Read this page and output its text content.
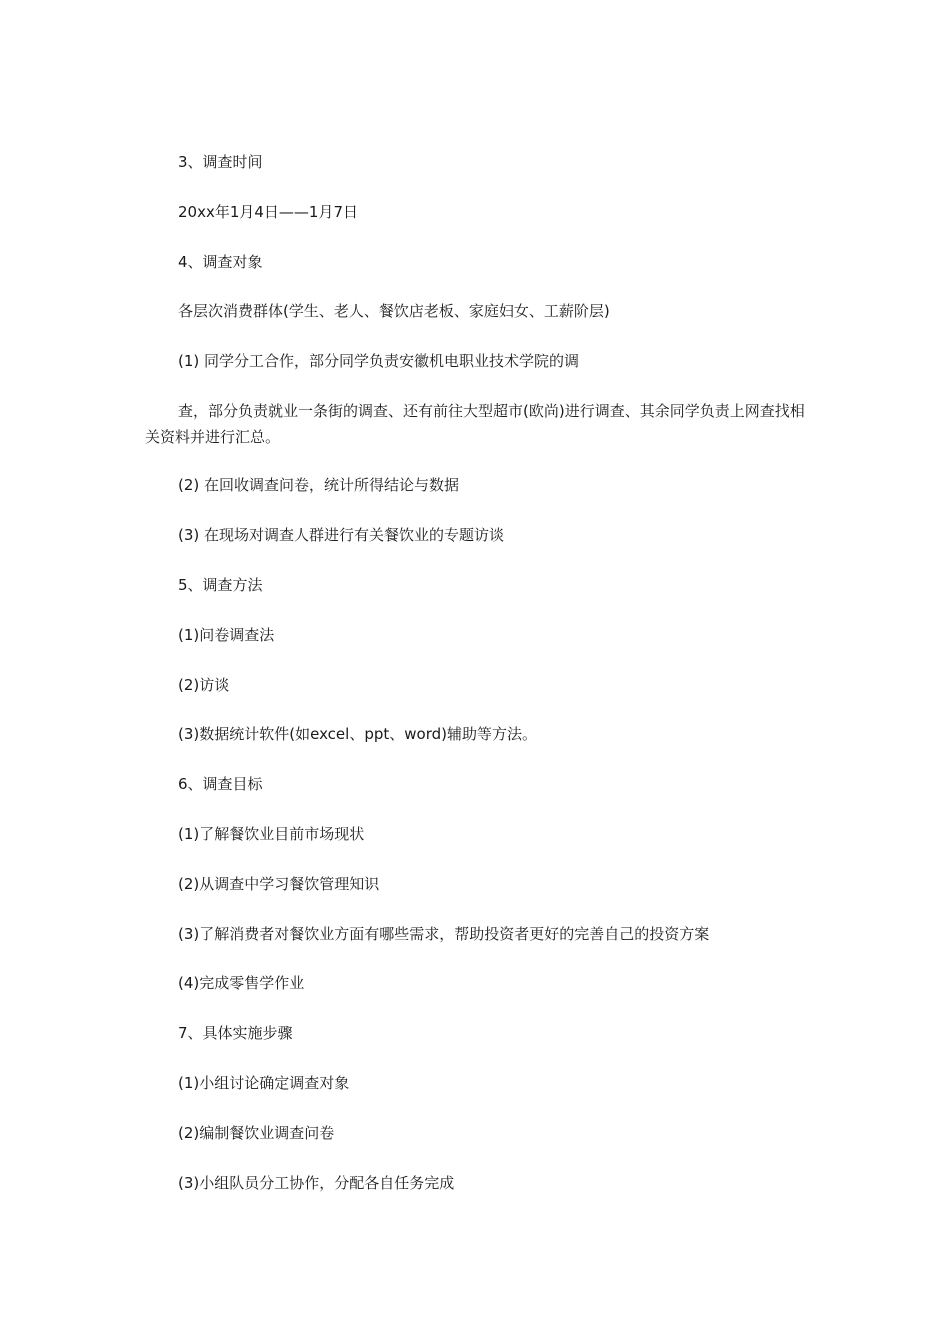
3、调查时间

20xx年1月4日——1月7日

4、调查对象

各层次消费群体(学生、老人、餐饮店老板、家庭妇女、工薪阶层)

(1) 同学分工合作，部分同学负责安徽机电职业技术学院的调

查，部分负责就业一条街的调查、还有前往大型超市(欧尚)进行调查、其余同学负责上网查找相关资料并进行汇总。

(2) 在回收调查问卷，统计所得结论与数据

(3) 在现场对调查人群进行有关餐饮业的专题访谈

5、调查方法

(1)问卷调查法

(2)访谈

(3)数据统计软件(如excel、ppt、word)辅助等方法。

6、调查目标

(1)了解餐饮业目前市场现状

(2)从调查中学习餐饮管理知识

(3)了解消费者对餐饮业方面有哪些需求，帮助投资者更好的完善自己的投资方案

(4)完成零售学作业

7、具体实施步骤

(1)小组讨论确定调查对象

(2)编制餐饮业调查问卷

(3)小组队员分工协作，分配各自任务完成
